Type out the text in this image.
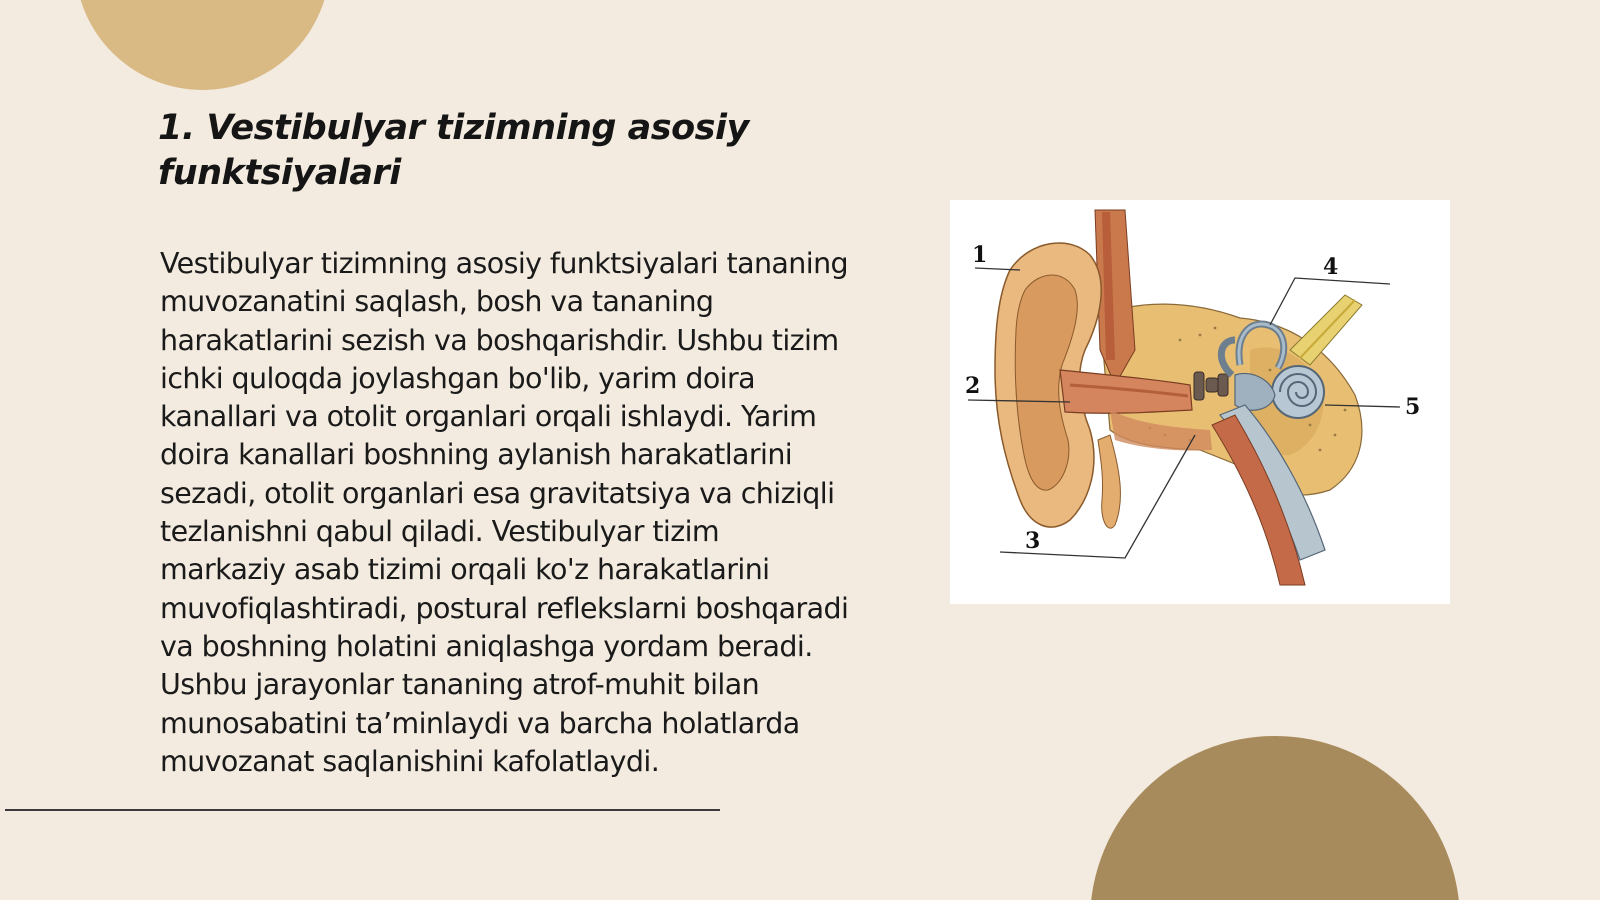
1. Vestibulyar tizimning asosiy funktsiyalari

Vestibulyar tizimning asosiy funktsiyalari tananing muvozanatini saqlash, bosh va tananing harakatlarini sezish va boshqarishdir. Ushbu tizim ichki quloqda joylashgan bo'lib, yarim doira kanallari va otolit organlari orqali ishlaydi. Yarim doira kanallari boshning aylanish harakatlarini sezadi, otolit organlari esa gravitatsiya va chiziqli tezlanishni qabul qiladi. Vestibulyar tizim markaziy asab tizimi orqali ko'z harakatlarini muvofiqlashtiradi, postural reflekslarni boshqaradi va boshning holatini aniqlashga yordam beradi. Ushbu jarayonlar tananing atrof-muhit bilan munosabatini ta’minlaydi va barcha holatlarda muvozanat saqlanishini kafolatlaydi.

1
2
3
4
5
